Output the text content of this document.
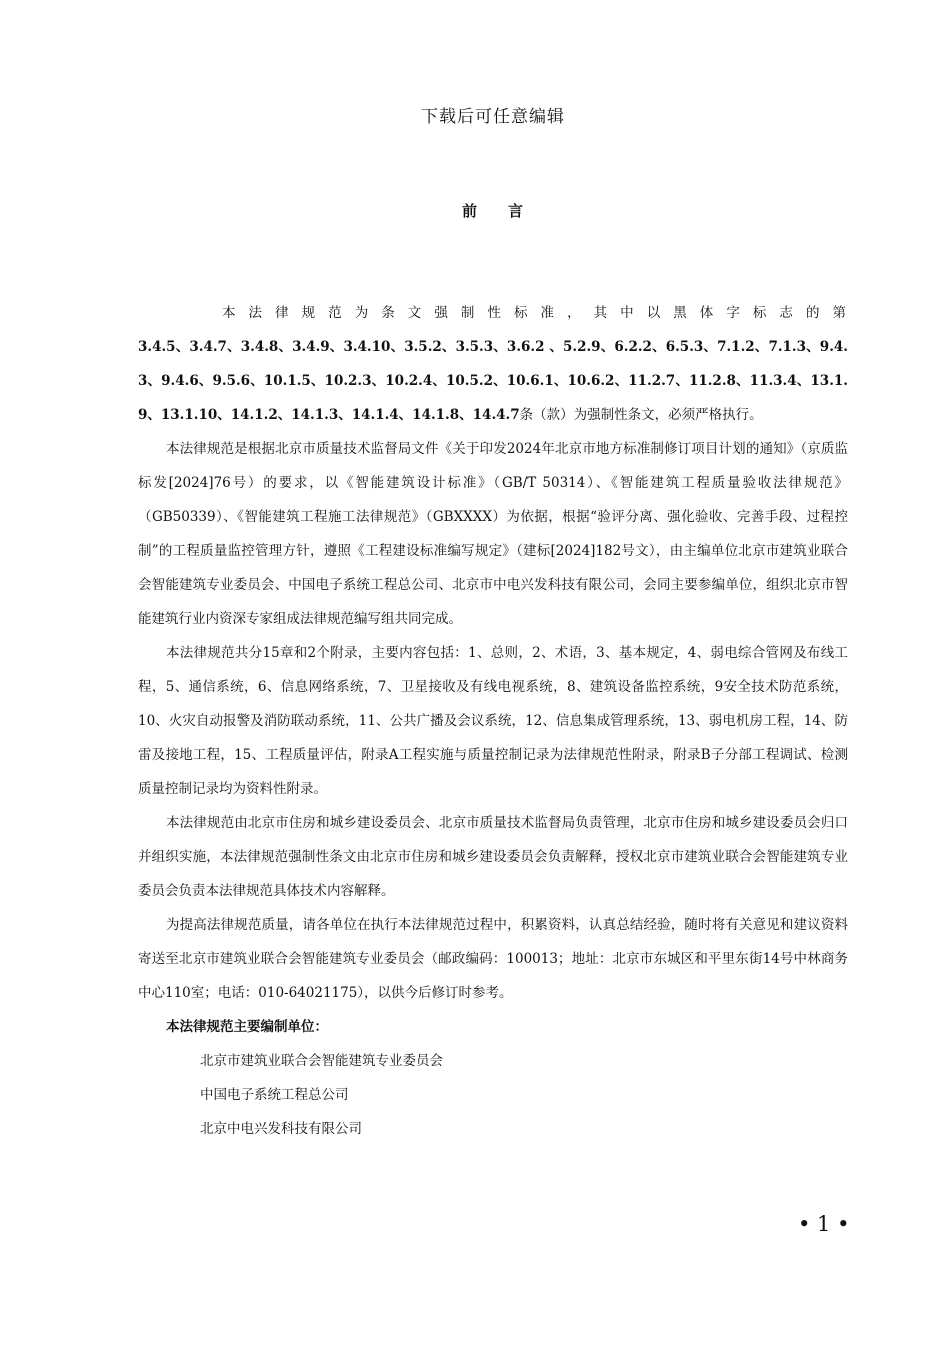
下载后可任意编辑
前 言

本法律规范为条文强制性标准，其中以黑体字标志的第

3.4.5、3.4.7、3.4.8、3.4.9、3.4.10、3.5.2、3.5.3、3.6.2 、5.2.9、6.2.2、6.5.3、7.1.2、7.1.3、9.4.3、9.4.6、9.5.6、10.1.5、10.2.3、10.2.4、10.5.2、10.6.1、10.6.2、11.2.7、11.2.8、11.3.4、13.1.9、13.1.10、14.1.2、14.1.3、14.1.4、14.1.8、14.4.7条（款）为强制性条文，必须严格执行。

本法律规范是根据北京市质量技术监督局文件《关于印发2024年北京市地方标准制修订项目计划的通知》（京质监标发[2024]76号）的要求，以《智能建筑设计标准》（GB/T 50314）、《智能建筑工程质量验收法律规范》（GB50339）、《智能建筑工程施工法律规范》（GBXXXX）为依据，根据“验评分离、强化验收、完善手段、过程控制”的工程质量监控管理方针，遵照《工程建设标准编写规定》（建标[2024]182号文），由主编单位北京市建筑业联合会智能建筑专业委员会、中国电子系统工程总公司、北京市中电兴发科技有限公司，会同主要参编单位，组织北京市智能建筑行业内资深专家组成法律规范编写组共同完成。

本法律规范共分15章和2个附录，主要内容包括：1、总则，2、术语，3、基本规定，4、弱电综合管网及布线工程，5、通信系统，6、信息网络系统，7、卫星接收及有线电视系统，8、建筑设备监控系统，9安全技术防范系统，10、火灾自动报警及消防联动系统，11、公共广播及会议系统，12、信息集成管理系统，13、弱电机房工程，14、防雷及接地工程，15、工程质量评估，附录A工程实施与质量控制记录为法律规范性附录，附录B子分部工程调试、检测质量控制记录均为资料性附录。

本法律规范由北京市住房和城乡建设委员会、北京市质量技术监督局负责管理，北京市住房和城乡建设委员会归口并组织实施，本法律规范强制性条文由北京市住房和城乡建设委员会负责解释，授权北京市建筑业联合会智能建筑专业委员会负责本法律规范具体技术内容解释。

为提高法律规范质量，请各单位在执行本法律规范过程中，积累资料，认真总结经验，随时将有关意见和建议资料寄送至北京市建筑业联合会智能建筑专业委员会（邮政编码：100013；地址：北京市东城区和平里东街14号中林商务中心110室；电话：010-64021175），以供今后修订时参考。

本法律规范主要编制单位：

北京市建筑业联合会智能建筑专业委员会

中国电子系统工程总公司

北京中电兴发科技有限公司

• 1 •
